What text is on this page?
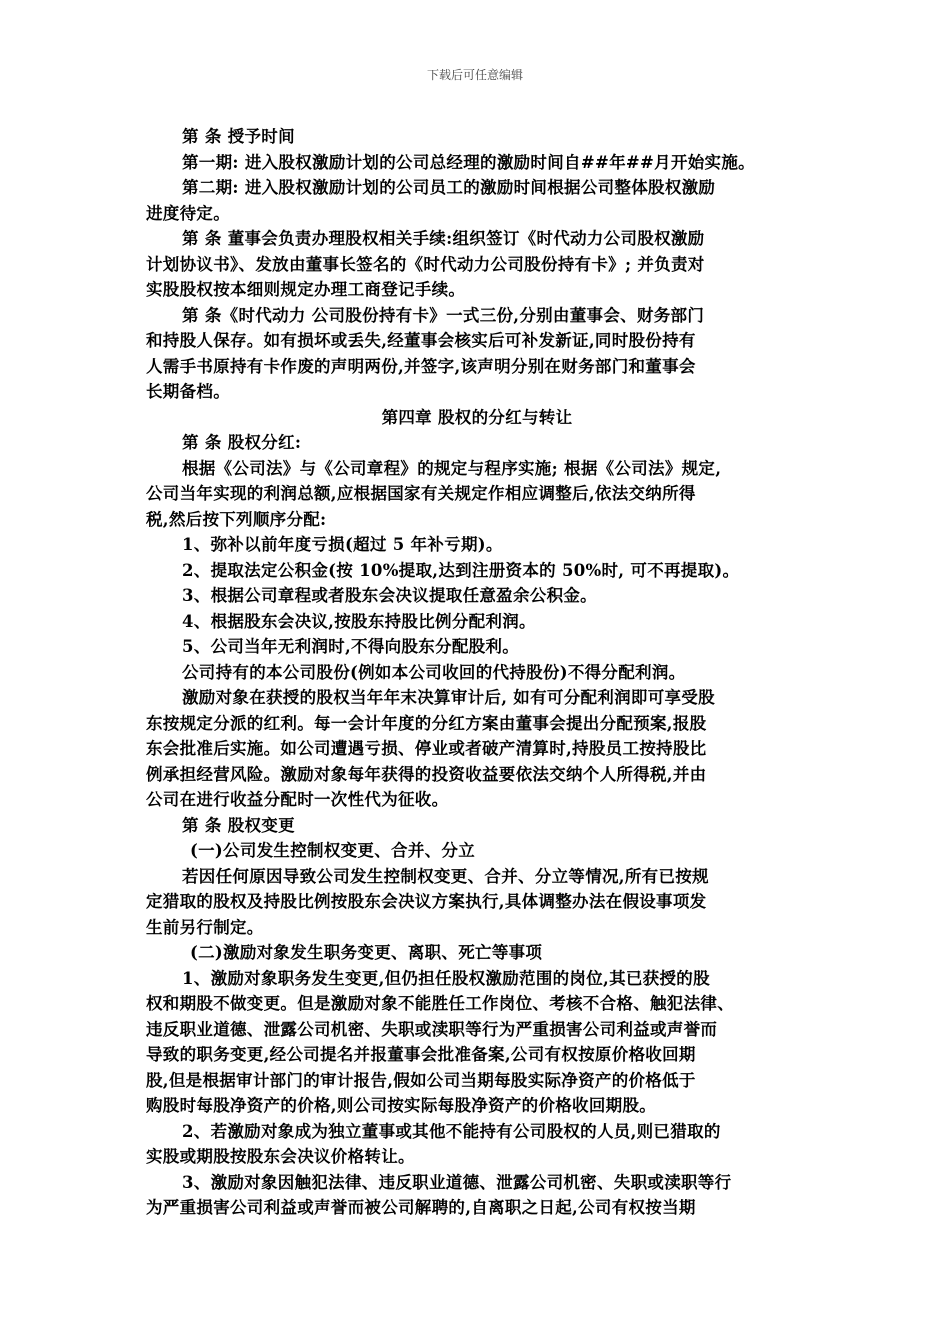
下载后可任意编辑
第 条 授予时间
第一期: 进入股权激励计划的公司总经理的激励时间自##年##月开始实施。
第二期: 进入股权激励计划的公司员工的激励时间根据公司整体股权激励
进度待定。
第 条 董事会负责办理股权相关手续:组织签订《时代动力公司股权激励
计划协议书》、发放由董事长签名的《时代动力公司股份持有卡》; 并负责对
实股股权按本细则规定办理工商登记手续。
第 条《时代动力 公司股份持有卡》一式三份,分别由董事会、财务部门
和持股人保存。如有损坏或丢失,经董事会核实后可补发新证,同时股份持有
人需手书原持有卡作废的声明两份,并签字,该声明分别在财务部门和董事会
长期备档。
第四章 股权的分红与转让
第 条 股权分红:
根据《公司法》与《公司章程》的规定与程序实施; 根据《公司法》规定,
公司当年实现的利润总额,应根据国家有关规定作相应调整后,依法交纳所得
税,然后按下列顺序分配:
1、弥补以前年度亏损(超过 5 年补亏期)。
2、提取法定公积金(按 10%提取,达到注册资本的 50%时, 可不再提取)。
3、根据公司章程或者股东会决议提取任意盈余公积金。
4、根据股东会决议,按股东持股比例分配利润。
5、公司当年无利润时,不得向股东分配股利。
公司持有的本公司股份(例如本公司收回的代持股份)不得分配利润。
激励对象在获授的股权当年年末决算审计后, 如有可分配利润即可享受股
东按规定分派的红利。每一会计年度的分红方案由董事会提出分配预案,报股
东会批准后实施。如公司遭遇亏损、停业或者破产清算时,持股员工按持股比
例承担经营风险。激励对象每年获得的投资收益要依法交纳个人所得税,并由
公司在进行收益分配时一次性代为征收。
第 条 股权变更
(一)公司发生控制权变更、合并、分立
若因任何原因导致公司发生控制权变更、合并、分立等情况,所有已按规
定猎取的股权及持股比例按股东会决议方案执行,具体调整办法在假设事项发
生前另行制定。
(二)激励对象发生职务变更、离职、死亡等事项
1、激励对象职务发生变更,但仍担任股权激励范围的岗位,其已获授的股
权和期股不做变更。但是激励对象不能胜任工作岗位、考核不合格、触犯法律、
违反职业道德、泄露公司机密、失职或渎职等行为严重损害公司利益或声誉而
导致的职务变更,经公司提名并报董事会批准备案,公司有权按原价格收回期
股,但是根据审计部门的审计报告,假如公司当期每股实际净资产的价格低于
购股时每股净资产的价格,则公司按实际每股净资产的价格收回期股。
2、若激励对象成为独立董事或其他不能持有公司股权的人员,则已猎取的
实股或期股按股东会决议价格转让。
3、激励对象因触犯法律、违反职业道德、泄露公司机密、失职或渎职等行
为严重损害公司利益或声誉而被公司解聘的,自离职之日起,公司有权按当期
